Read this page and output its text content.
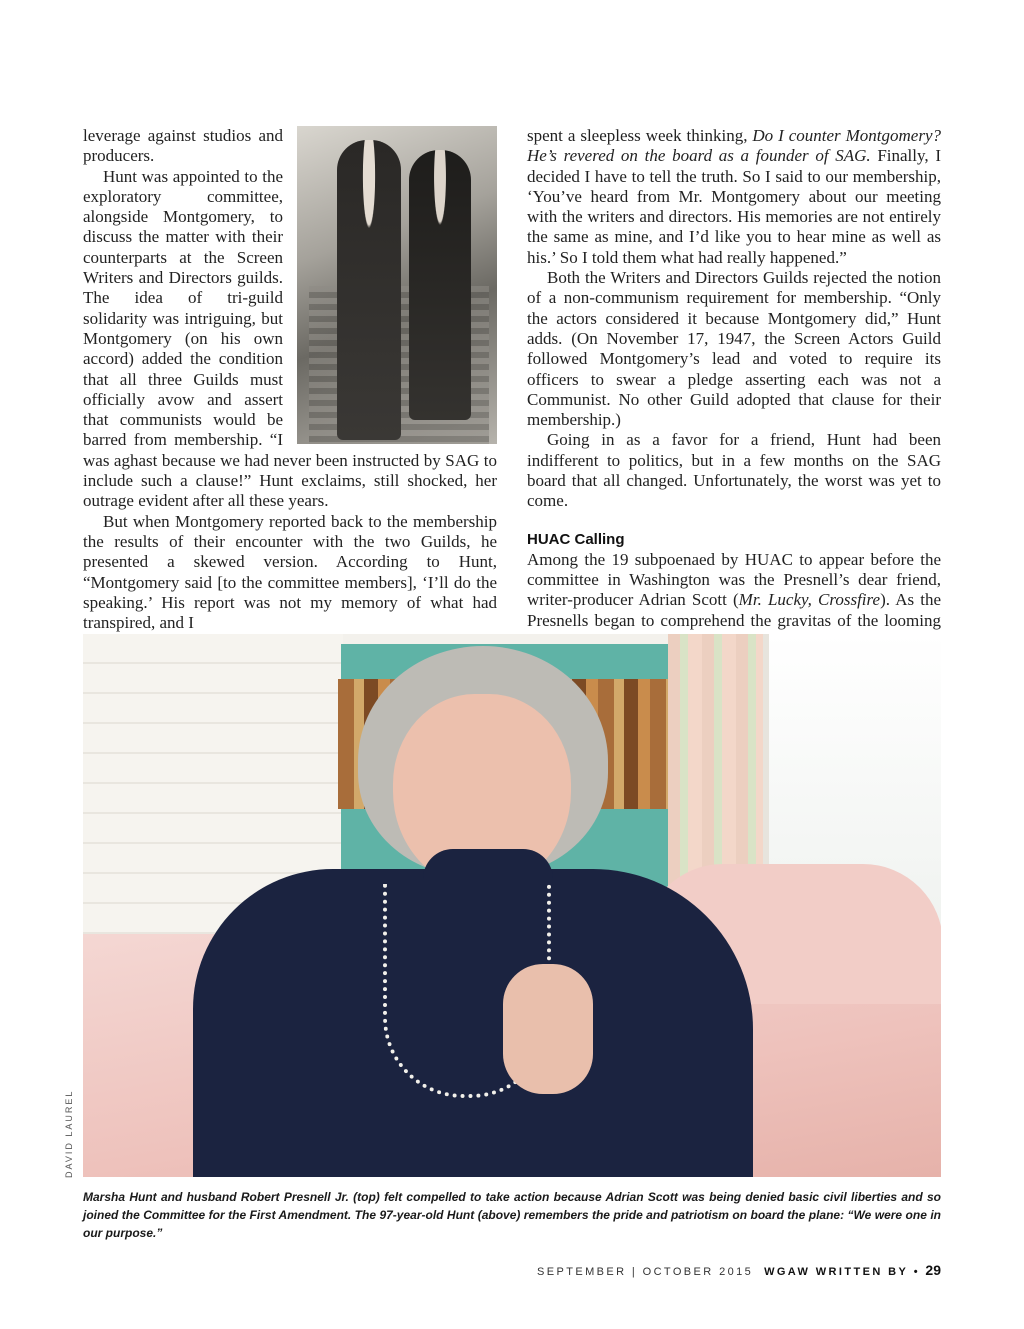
leverage against studios and producers.

Hunt was appointed to the exploratory committee, alongside Montgomery, to discuss the matter with their counterparts at the Screen Writers and Directors guilds. The idea of tri-guild solidarity was intriguing, but Montgomery (on his own accord) added the condition that all three Guilds must officially avow and assert that communists would be barred from membership. “I was aghast because we had never been instructed by SAG to include such a clause!” Hunt exclaims, still shocked, her outrage evident after all these years.

But when Montgomery reported back to the membership the results of their encounter with the two Guilds, he presented a skewed version. According to Hunt, “Montgomery said [to the committee members], ‘I’ll do the speaking.’ His report was not my memory of what had transpired, and I

spent a sleepless week thinking, Do I counter Montgomery? He’s revered on the board as a founder of SAG. Finally, I decided I have to tell the truth. So I said to our membership, ‘You’ve heard from Mr. Montgomery about our meeting with the writers and directors. His memories are not entirely the same as mine, and I’d like you to hear mine as well as his.’ So I told them what had really happened.”

Both the Writers and Directors Guilds rejected the notion of a non-communism requirement for membership. “Only the actors considered it because Montgomery did,” Hunt adds. (On November 17, 1947, the Screen Actors Guild followed Montgomery’s lead and voted to require its officers to swear a pledge asserting each was not a Communist. No other Guild adopted that clause for their membership.)

Going in as a favor for a friend, Hunt had been indifferent to politics, but in a few months on the SAG board that all changed. Unfortunately, the worst was yet to come.

HUAC Calling

Among the 19 subpoenaed by HUAC to appear before the committee in Washington was the Presnell’s dear friend, writer-producer Adrian Scott (Mr. Lucky, Crossfire). As the Presnells began to comprehend the gravitas of the looming

DAVID LAUREL
Marsha Hunt and husband Robert Presnell Jr. (top) felt compelled to take action because Adrian Scott was being denied basic civil liberties and so joined the Committee for the First Amendment. The 97-year-old Hunt (above) remembers the pride and patriotism on board the plane: “We were one in our purpose.”
SEPTEMBER | OCTOBER 2015 WGAW WRITTEN BY • 29
